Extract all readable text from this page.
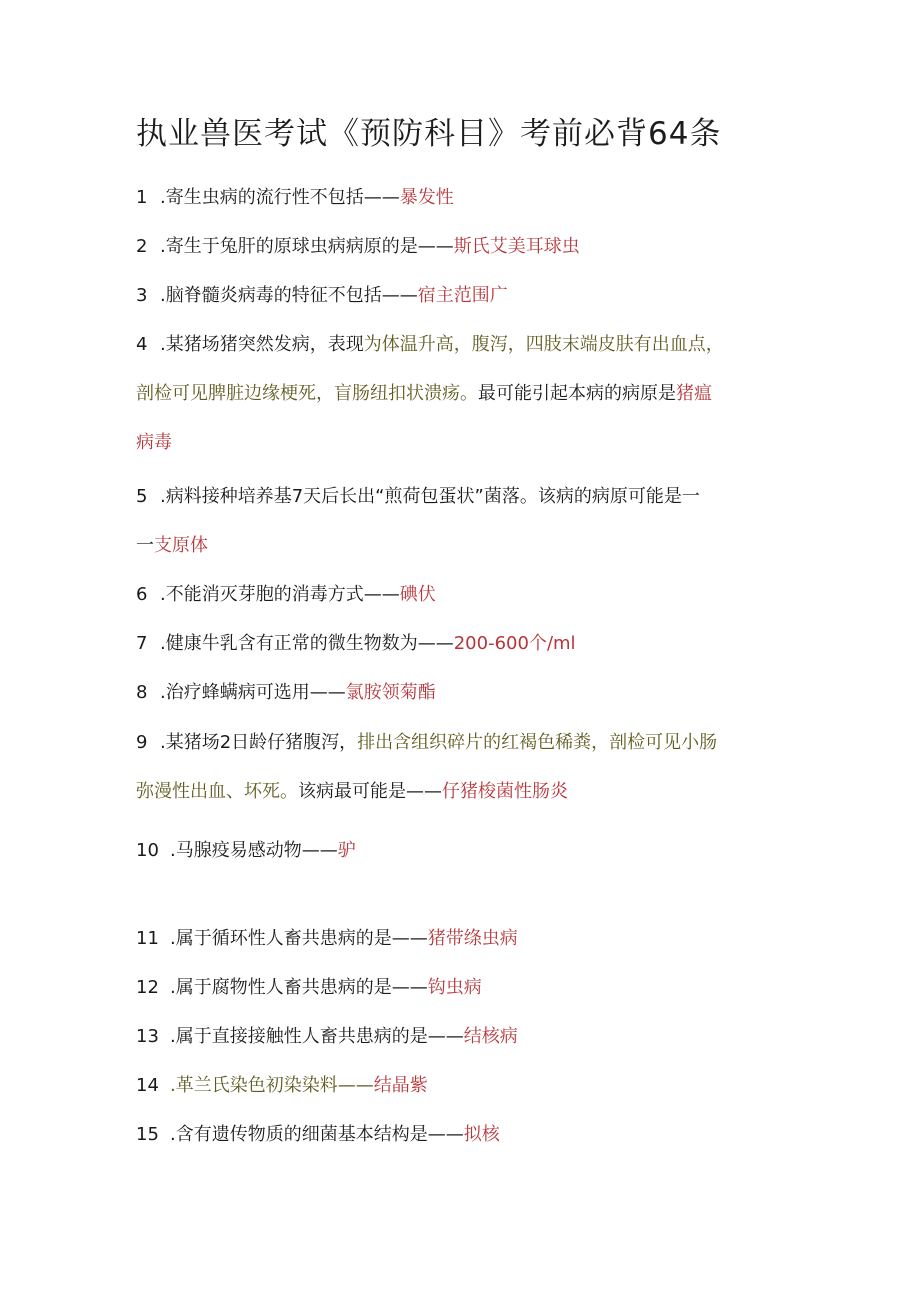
执业兽医考试《预防科目》考前必背64条
1 .寄生虫病的流行性不包括——暴发性
2 .寄生于兔肝的原球虫病病原的是——斯氏艾美耳球虫
3 .脑脊髓炎病毒的特征不包括——宿主范围广
4 .某猪场猪突然发病，表现为体温升高，腹泻，四肢末端皮肤有出血点，
剖检可见脾脏边缘梗死，盲肠纽扣状溃疡。最可能引起本病的病原是猪瘟
病毒
5 .病料接种培养基7天后长出“煎荷包蛋状”菌落。该病的病原可能是一
一支原体
6 .不能消灭芽胞的消毒方式——碘伏
7 .健康牛乳含有正常的微生物数为——200-600个/ml
8 .治疗蜂螨病可选用——氯胺领菊酯
9 .某猪场2日龄仔猪腹泻，排出含组织碎片的红褐色稀粪，剖检可见小肠
弥漫性出血、坏死。该病最可能是——仔猪梭菌性肠炎
10 .马腺疫易感动物——驴
11 .属于循环性人畜共患病的是——猪带绦虫病
12 .属于腐物性人畜共患病的是——钩虫病
13 .属于直接接触性人畜共患病的是——结核病
14 .革兰氏染色初染染料——结晶紫
15 .含有遗传物质的细菌基本结构是——拟核
